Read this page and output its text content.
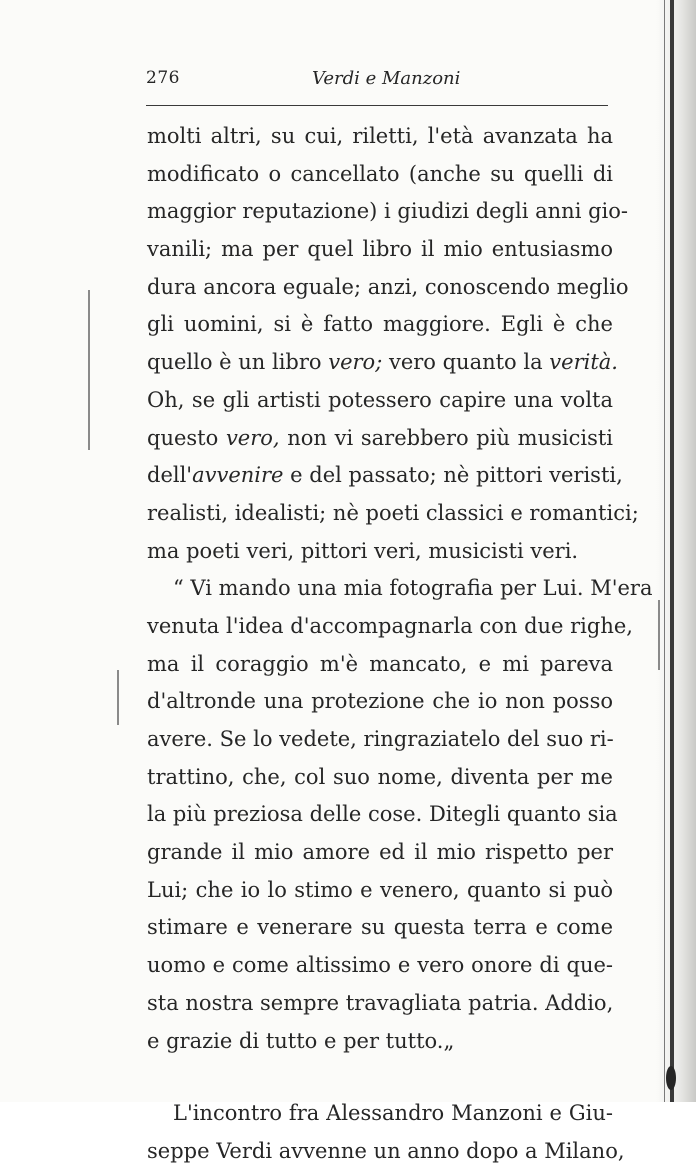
276	Verdi e Manzoni
molti altri, su cui, riletti, l'età avanzata ha
modificato o cancellato (anche su quelli di
maggior reputazione) i giudizi degli anni gio-
vanili; ma per quel libro il mio entusiasmo
dura ancora eguale; anzi, conoscendo meglio
gli uomini, si è fatto maggiore. Egli è che
quello è un libro vero; vero quanto la verità.
Oh, se gli artisti potessero capire una volta
questo vero, non vi sarebbero più musicisti
dell'avvenire e del passato; nè pittori veristi,
realisti, idealisti; nè poeti classici e romantici;
ma poeti veri, pittori veri, musicisti veri.
“ Vi mando una mia fotografia per Lui. M'era
venuta l'idea d'accompagnarla con due righe,
ma il coraggio m'è mancato, e mi pareva
d'altronde una protezione che io non posso
avere. Se lo vedete, ringraziatelo del suo ri-
trattino, che, col suo nome, diventa per me
la più preziosa delle cose. Ditegli quanto sia
grande il mio amore ed il mio rispetto per
Lui; che io lo stimo e venero, quanto si può
stimare e venerare su questa terra e come
uomo e come altissimo e vero onore di que-
sta nostra sempre travagliata patria. Addio,
e grazie di tutto e per tutto.„
L'incontro fra Alessandro Manzoni e Giu-
seppe Verdi avvenne un anno dopo a Milano,
